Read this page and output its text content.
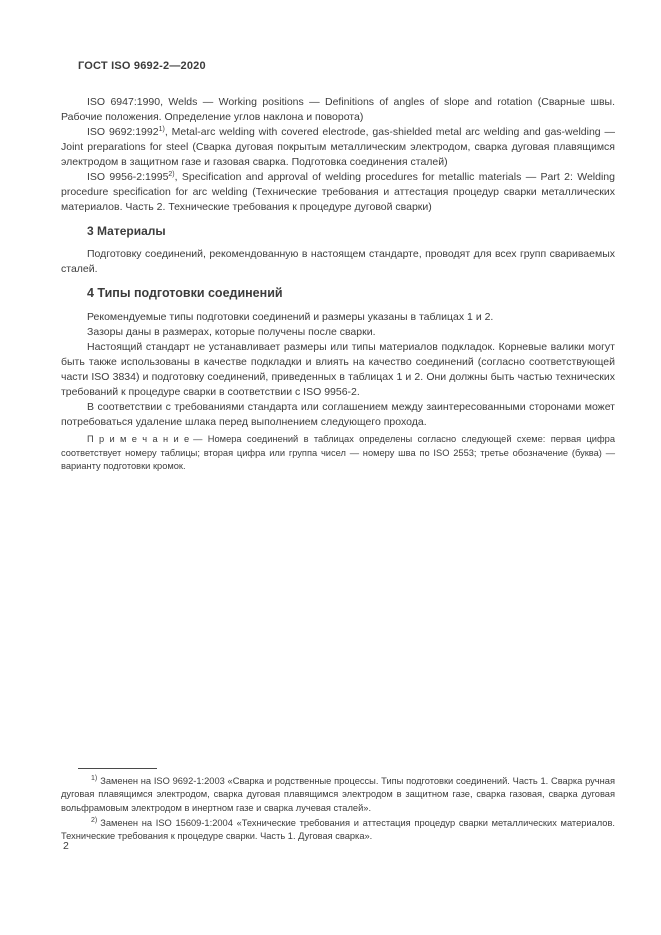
ГОСТ ISO 9692-2—2020

ISO 6947:1990, Welds — Working positions — Definitions of angles of slope and rotation (Сварные швы. Рабочие положения. Определение углов наклона и поворота)

ISO 9692:1992$^{1)}$, Metal-arc welding with covered electrode, gas-shielded metal arc welding and gas-welding — Joint preparations for steel (Сварка дуговая покрытым металлическим электродом, сварка дуговая плавящимся электродом в защитном газе и газовая сварка. Подготовка соединения сталей)

ISO 9956-2:1995$^{2)}$, Specification and approval of welding procedures for metallic materials — Part 2: Welding procedure specification for arc welding (Технические требования и аттестация процедур сварки металлических материалов. Часть 2. Технические требования к процедуре дуговой сварки)

3 Материалы

Подготовку соединений, рекомендованную в настоящем стандарте, проводят для всех групп свариваемых сталей.

4 Типы подготовки соединений

Рекомендуемые типы подготовки соединений и размеры указаны в таблицах 1 и 2.

Зазоры даны в размерах, которые получены после сварки.

Настоящий стандарт не устанавливает размеры или типы материалов подкладок. Корневые валики могут быть также использованы в качестве подкладки и влиять на качество соединений (согласно соответствующей части ISO 3834) и подготовку соединений, приведенных в таблицах 1 и 2. Они должны быть частью технических требований к процедуре сварки в соответствии с ISO 9956-2.

В соответствии с требованиями стандарта или соглашением между заинтересованными сторонами может потребоваться удаление шлака перед выполнением следующего прохода.

П р и м е ч а н и е — Номера соединений в таблицах определены согласно следующей схеме: первая цифра соответствует номеру таблицы; вторая цифра или группа чисел — номеру шва по ISO 2553; третье обозначение (буква) — варианту подготовки кромок.

$^{1)}$ Заменен на ISO 9692-1:2003 «Сварка и родственные процессы. Типы подготовки соединений. Часть 1. Сварка ручная дуговая плавящимся электродом, сварка дуговая плавящимся электродом в защитном газе, сварка газовая, сварка дуговая вольфрамовым электродом в инертном газе и сварка лучевая сталей».

$^{2)}$ Заменен на ISO 15609-1:2004 «Технические требования и аттестация процедур сварки металлических материалов. Технические требования к процедуре сварки. Часть 1. Дуговая сварка».

2
